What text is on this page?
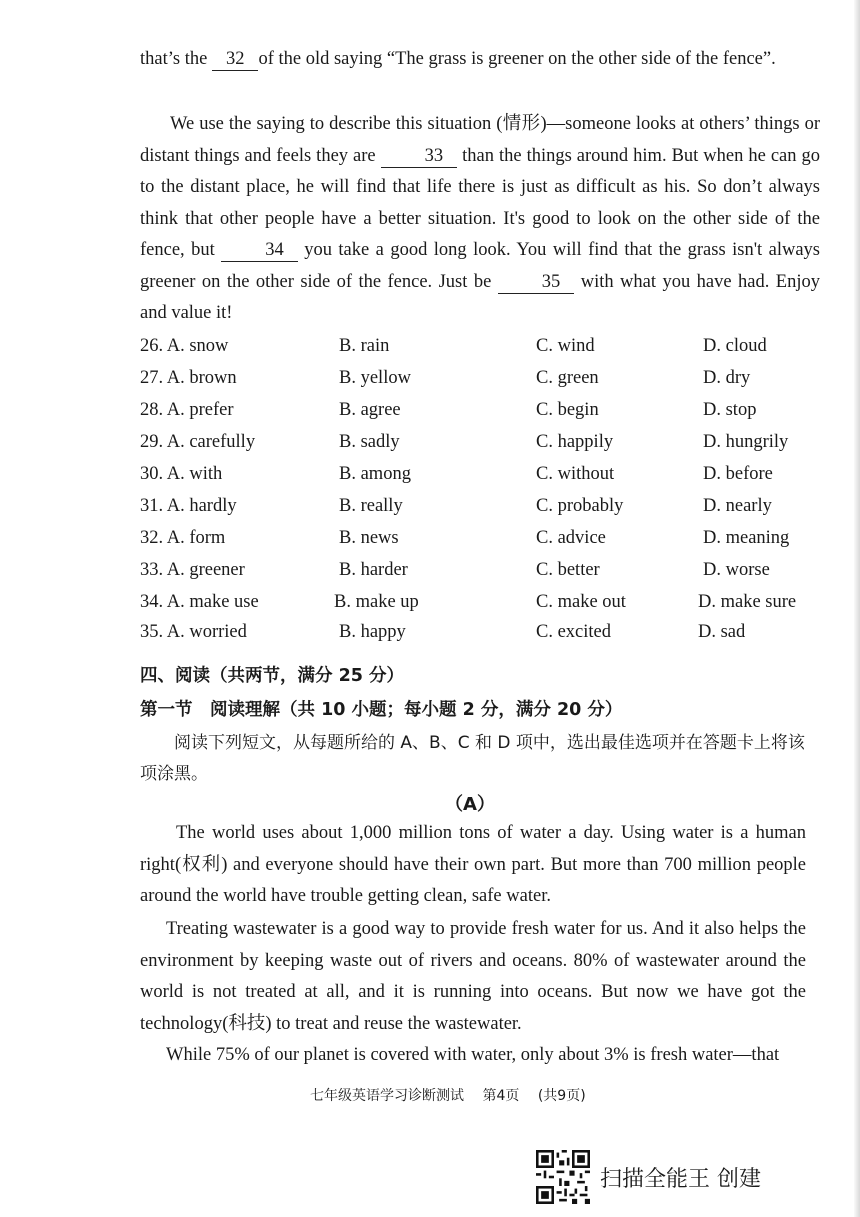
that’s the 32 of the old saying “The grass is greener on the other side of the fence”.
We use the saying to describe this situation (情形)—someone looks at others’ things or distant things and feels they are 33 than the things around him. But when he can go to the distant place, he will find that life there is just as difficult as his. So don’t always think that other people have a better situation. It's good to look on the other side of the fence, but 34 you take a good long look. You will find that the grass isn't always greener on the other side of the fence. Just be 35 with what you have had. Enjoy and value it!
26. A. snow	B. rain	C. wind	D. cloud
27. A. brown	B. yellow	C. green	D. dry
28. A. prefer	B. agree	C. begin	D. stop
29. A. carefully	B. sadly	C. happily	D. hungrily
30. A. with	B. among	C. without	D. before
31. A. hardly	B. really	C. probably	D. nearly
32. A. form	B. news	C. advice	D. meaning
33. A. greener	B. harder	C. better	D. worse
34. A. make use	B. make up	C. make out	D. make sure
35. A. worried	B. happy	C. excited	D. sad
四、阅读（共两节，满分 25 分）
第一节　阅读理解（共 10 小题；每小题 2 分，满分 20 分）
阅读下列短文，从每题所给的 A、B、C 和 D 项中，选出最佳选项并在答题卡上将该项涂黑。
（A）
The world uses about 1,000 million tons of water a day. Using water is a human right(权利) and everyone should have their own part. But more than 700 million people around the world have trouble getting clean, safe water.
Treating wastewater is a good way to provide fresh water for us. And it also helps the environment by keeping waste out of rivers and oceans. 80% of wastewater around the world is not treated at all, and it is running into oceans. But now we have got the technology(科技) to treat and reuse the wastewater.
While 75% of our planet is covered with water, only about 3% is fresh water—that
七年级英语学习诊断测试 第4页 (共9页)
扫描全能王 创建
